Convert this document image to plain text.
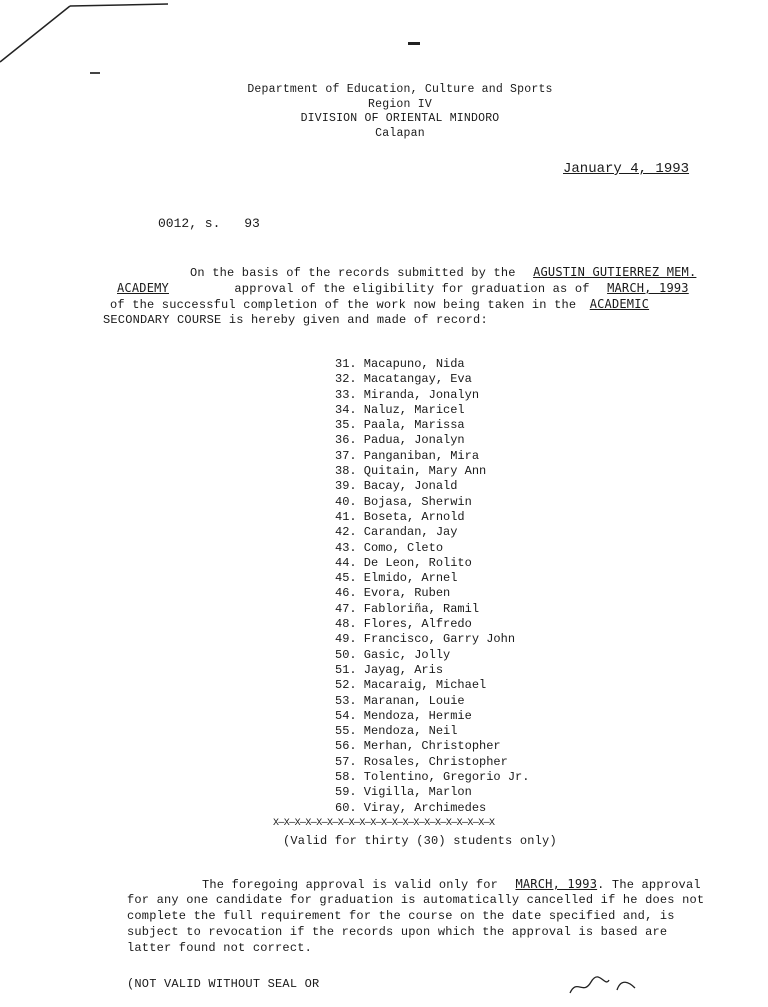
Department of Education, Culture and Sports
Region IV
DIVISION OF ORIENTAL MINDORO
Calapan
January 4, 1993
0012, s. 93
On the basis of the records submitted by the AGUSTIN GUTIERREZ MEM.
ACADEMY	approval of the eligibility for graduation as of MARCH, 1993
of the successful completion of the work now being taken in the ACADEMIC
SECONDARY COURSE is hereby given and made of record:
31. Macapuno, Nida
32. Macatangay, Eva
33. Miranda, Jonalyn
34. Naluz, Maricel
35. Paala, Marissa
36. Padua, Jonalyn
37. Panganiban, Mira
38. Quitain, Mary Ann
39. Bacay, Jonald
40. Bojasa, Sherwin
41. Boseta, Arnold
42. Carandan, Jay
43. Como, Cleto
44. De Leon, Rolito
45. Elmido, Arnel
46. Evora, Ruben
47. Fabloriña, Ramil
48. Flores, Alfredo
49. Francisco, Garry John
50. Gasic, Jolly
51. Jayag, Aris
52. Macaraig, Michael
53. Maranan, Louie
54. Mendoza, Hermie
55. Mendoza, Neil
56. Merhan, Christopher
57. Rosales, Christopher
58. Tolentino, Gregorio Jr.
59. Vigilla, Marlon
60. Viray, Archimedes
X—X—X—X—X—X—X—X—X—X—X—X—X—X—X—X—X—X—X—X—X
(Valid for thirty (30) students only)
The foregoing approval is valid only for MARCH, 1993. The approval
for any one candidate for graduation is automatically cancelled if he does not
complete the full requirement for the course on the date specified and, is
subject to revocation if the records upon which the approval is based are
latter found not correct.
(NOT VALID WITHOUT SEAL OR
